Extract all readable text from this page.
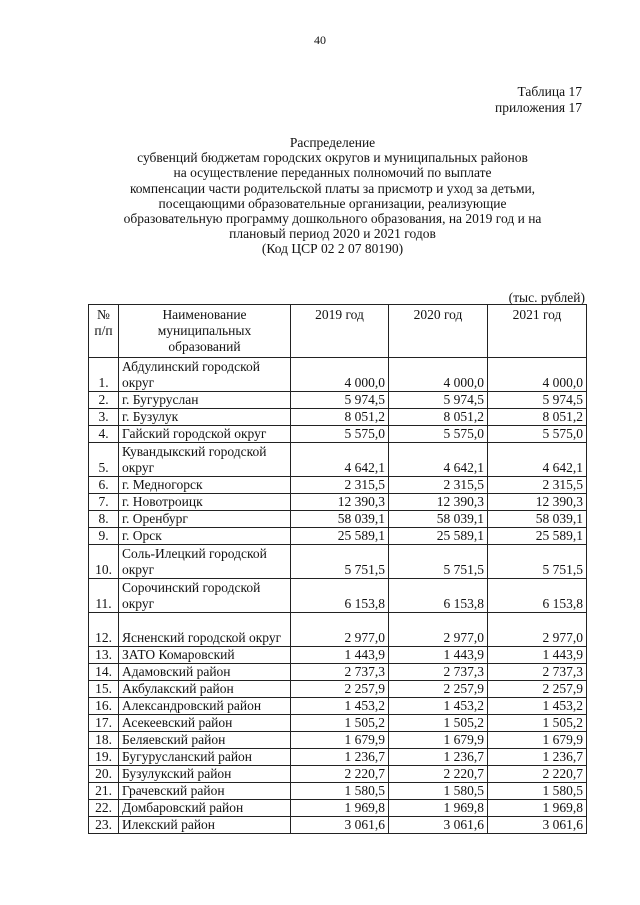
40
Таблица 17
приложения 17
Распределение
субвенций бюджетам городских округов и муниципальных районов
на осуществление переданных полномочий по выплате
компенсации части родительской платы за присмотр и уход за детьми,
посещающими образовательные организации, реализующие
образовательную программу дошкольного образования, на 2019 год и на
плановый период 2020 и 2021 годов
(Код ЦСР 02 2 07 80190)
(тыс. рублей)
№ п/п	Наименование муниципальных образований	2019 год	2020 год	2021 год
1.	Абдулинский городской округ	4 000,0	4 000,0	4 000,0
2.	г. Бугуруслан	5 974,5	5 974,5	5 974,5
3.	г. Бузулук	8 051,2	8 051,2	8 051,2
4.	Гайский городской округ	5 575,0	5 575,0	5 575,0
5.	Кувандыкский городской округ	4 642,1	4 642,1	4 642,1
6.	г. Медногорск	2 315,5	2 315,5	2 315,5
7.	г. Новотроицк	12 390,3	12 390,3	12 390,3
8.	г. Оренбург	58 039,1	58 039,1	58 039,1
9.	г. Орск	25 589,1	25 589,1	25 589,1
10.	Соль-Илецкий городской округ	5 751,5	5 751,5	5 751,5
11.	Сорочинский городской округ	6 153,8	6 153,8	6 153,8
12.	Ясненский городской округ	2 977,0	2 977,0	2 977,0
13.	ЗАТО Комаровский	1 443,9	1 443,9	1 443,9
14.	Адамовский район	2 737,3	2 737,3	2 737,3
15.	Акбулакский район	2 257,9	2 257,9	2 257,9
16.	Александровский район	1 453,2	1 453,2	1 453,2
17.	Асекеевский район	1 505,2	1 505,2	1 505,2
18.	Беляевский район	1 679,9	1 679,9	1 679,9
19.	Бугурусланский район	1 236,7	1 236,7	1 236,7
20.	Бузулукский район	2 220,7	2 220,7	2 220,7
21.	Грачевский район	1 580,5	1 580,5	1 580,5
22.	Домбаровский район	1 969,8	1 969,8	1 969,8
23.	Илекский район	3 061,6	3 061,6	3 061,6
